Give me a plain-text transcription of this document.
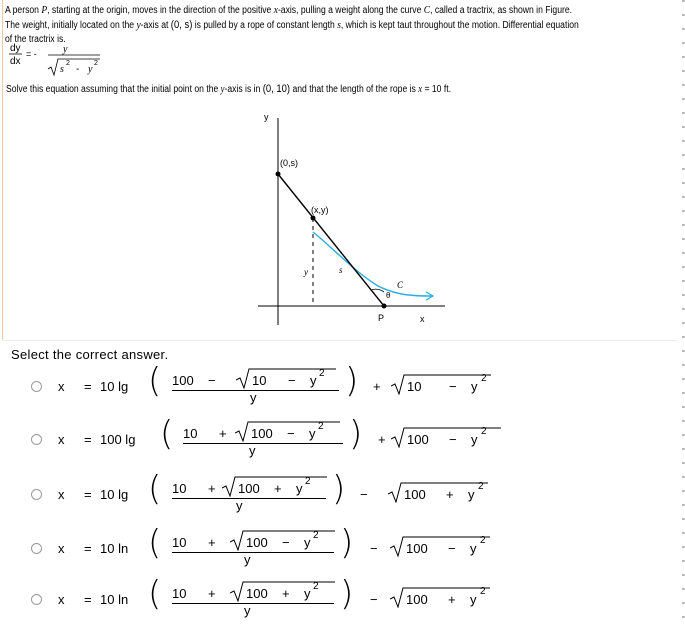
A person P, starting at the origin, moves in the direction of the positive x-axis, pulling a weight along the curve C, called a tractrix, as shown in Figure. The weight, initially located on the y-axis at (0, s) is pulled by a rope of constant length s, which is kept taut throughout the motion. Differential equation of the tractrix is.
dy
dx
= -	y
s
2
- y
2
Solve this equation assuming that the initial point on the y-axis is in (0, 10) and that the length of the rope is x = 10 ft.
y
x
(0,s)
(x,y)
y	s
C
P
θ
Select the correct answer.
x = 10 lg ( 100 −	10 − y 2
y	) + 10 − y
2
x = 100 lg ( 10 + 100 − y 2
y	) + 100 − y
2
x = 10 lg ( 10 + 100 + y 2
y	) −	100 + y
2
x = 10 ln ( 10 + 100 − y 2
y	) − 100 − y
2
x = 10 ln ( 10 + 100 + y 2
y	) − 100 + y
2
